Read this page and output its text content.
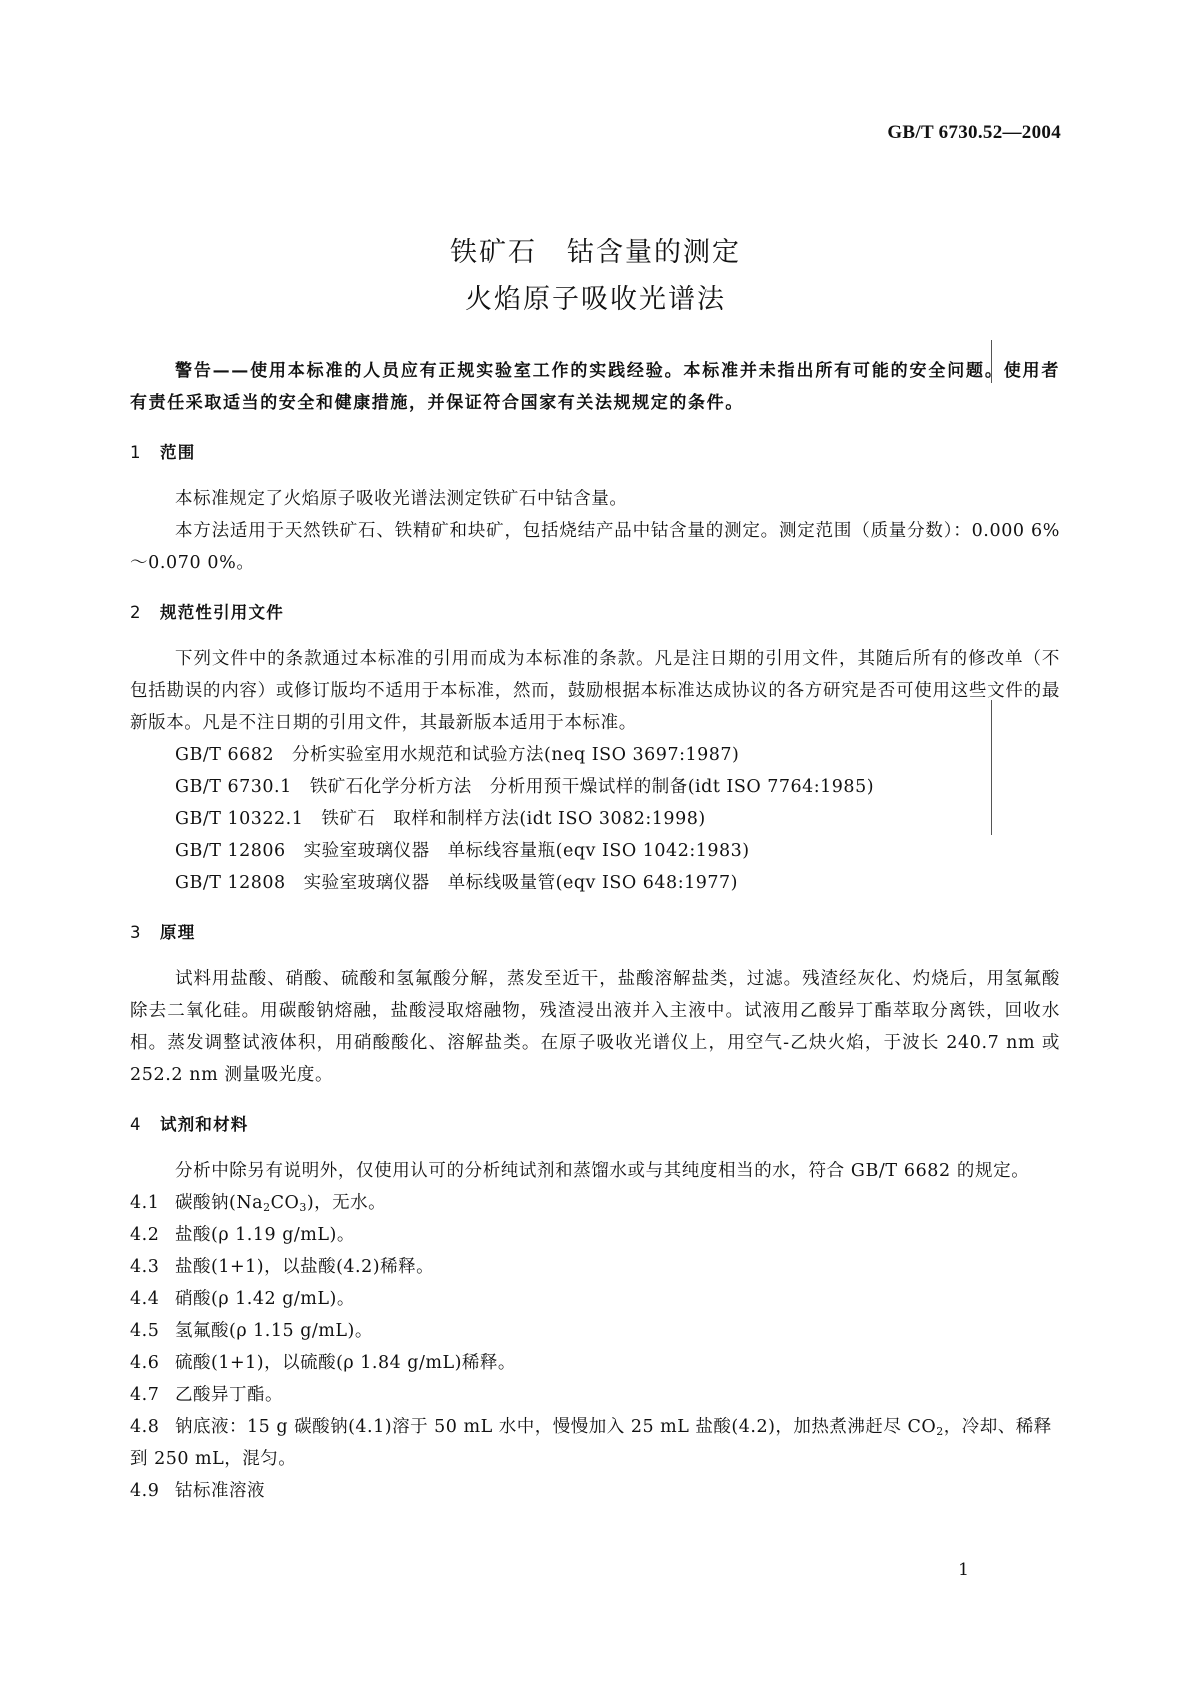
GB/T 6730.52—2004
铁矿石 钴含量的测定
火焰原子吸收光谱法

警告——使用本标准的人员应有正规实验室工作的实践经验。本标准并未指出所有可能的安全问题。使用者有责任采取适当的安全和健康措施，并保证符合国家有关法规规定的条件。

1 范围

本标准规定了火焰原子吸收光谱法测定铁矿石中钴含量。

本方法适用于天然铁矿石、铁精矿和块矿，包括烧结产品中钴含量的测定。测定范围（质量分数）：0.000 6%～0.070 0%。

2 规范性引用文件

下列文件中的条款通过本标准的引用而成为本标准的条款。凡是注日期的引用文件，其随后所有的修改单（不包括勘误的内容）或修订版均不适用于本标准，然而，鼓励根据本标准达成协议的各方研究是否可使用这些文件的最新版本。凡是不注日期的引用文件，其最新版本适用于本标准。

GB/T 6682　分析实验室用水规范和试验方法(neq ISO 3697:1987)
GB/T 6730.1　铁矿石化学分析方法　分析用预干燥试样的制备(idt ISO 7764:1985)
GB/T 10322.1　铁矿石　取样和制样方法(idt ISO 3082:1998)
GB/T 12806　实验室玻璃仪器　单标线容量瓶(eqv ISO 1042:1983)
GB/T 12808　实验室玻璃仪器　单标线吸量管(eqv ISO 648:1977)

3 原理

试料用盐酸、硝酸、硫酸和氢氟酸分解，蒸发至近干，盐酸溶解盐类，过滤。残渣经灰化、灼烧后，用氢氟酸除去二氧化硅。用碳酸钠熔融，盐酸浸取熔融物，残渣浸出液并入主液中。试液用乙酸异丁酯萃取分离铁，回收水相。蒸发调整试液体积，用硝酸酸化、溶解盐类。在原子吸收光谱仪上，用空气-乙炔火焰，于波长 240.7 nm 或 252.2 nm 测量吸光度。

4 试剂和材料

分析中除另有说明外，仅使用认可的分析纯试剂和蒸馏水或与其纯度相当的水，符合 GB/T 6682 的规定。

4.1 碳酸钠$(Na_2CO_3)$，无水。

4.2 盐酸(ρ 1.19 g/mL)。

4.3 盐酸(1+1)，以盐酸(4.2)稀释。

4.4 硝酸(ρ 1.42 g/mL)。

4.5 氢氟酸(ρ 1.15 g/mL)。

4.6 硫酸(1+1)，以硫酸(ρ 1.84 g/mL)稀释。

4.7 乙酸异丁酯。

4.8 钠底液：15 g 碳酸钠(4.1)溶于 50 mL 水中，慢慢加入 25 mL 盐酸(4.2)，加热煮沸赶尽 $CO_2$，冷却、稀释到 250 mL，混匀。

4.9 钴标准溶液

1
